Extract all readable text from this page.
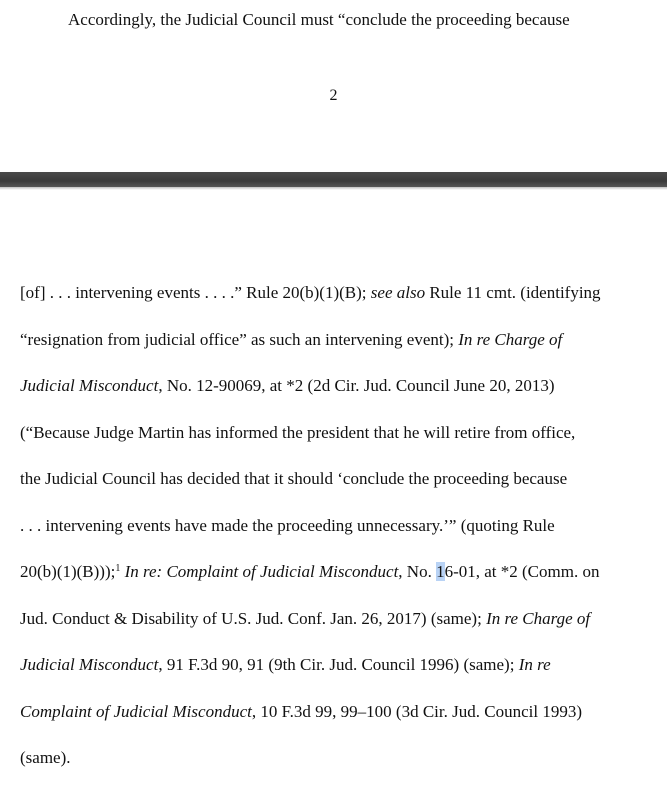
Accordingly, the Judicial Council must “conclude the proceeding because
2
[of] . . . intervening events . . . .” Rule 20(b)(1)(B); see also Rule 11 cmt. (identifying
“resignation from judicial office” as such an intervening event); In re Charge of
Judicial Misconduct, No. 12-90069, at *2 (2d Cir. Jud. Council June 20, 2013)
(“Because Judge Martin has informed the president that he will retire from office,
the Judicial Council has decided that it should ‘conclude the proceeding because
. . . intervening events have made the proceeding unnecessary.’” (quoting Rule
20(b)(1)(B)));$^1$ In re: Complaint of Judicial Misconduct, No. 16-01, at *2 (Comm. on
Jud. Conduct & Disability of U.S. Jud. Conf. Jan. 26, 2017) (same); In re Charge of
Judicial Misconduct, 91 F.3d 90, 91 (9th Cir. Jud. Council 1996) (same); In re
Complaint of Judicial Misconduct, 10 F.3d 99, 99–100 (3d Cir. Jud. Council 1993)
(same).
